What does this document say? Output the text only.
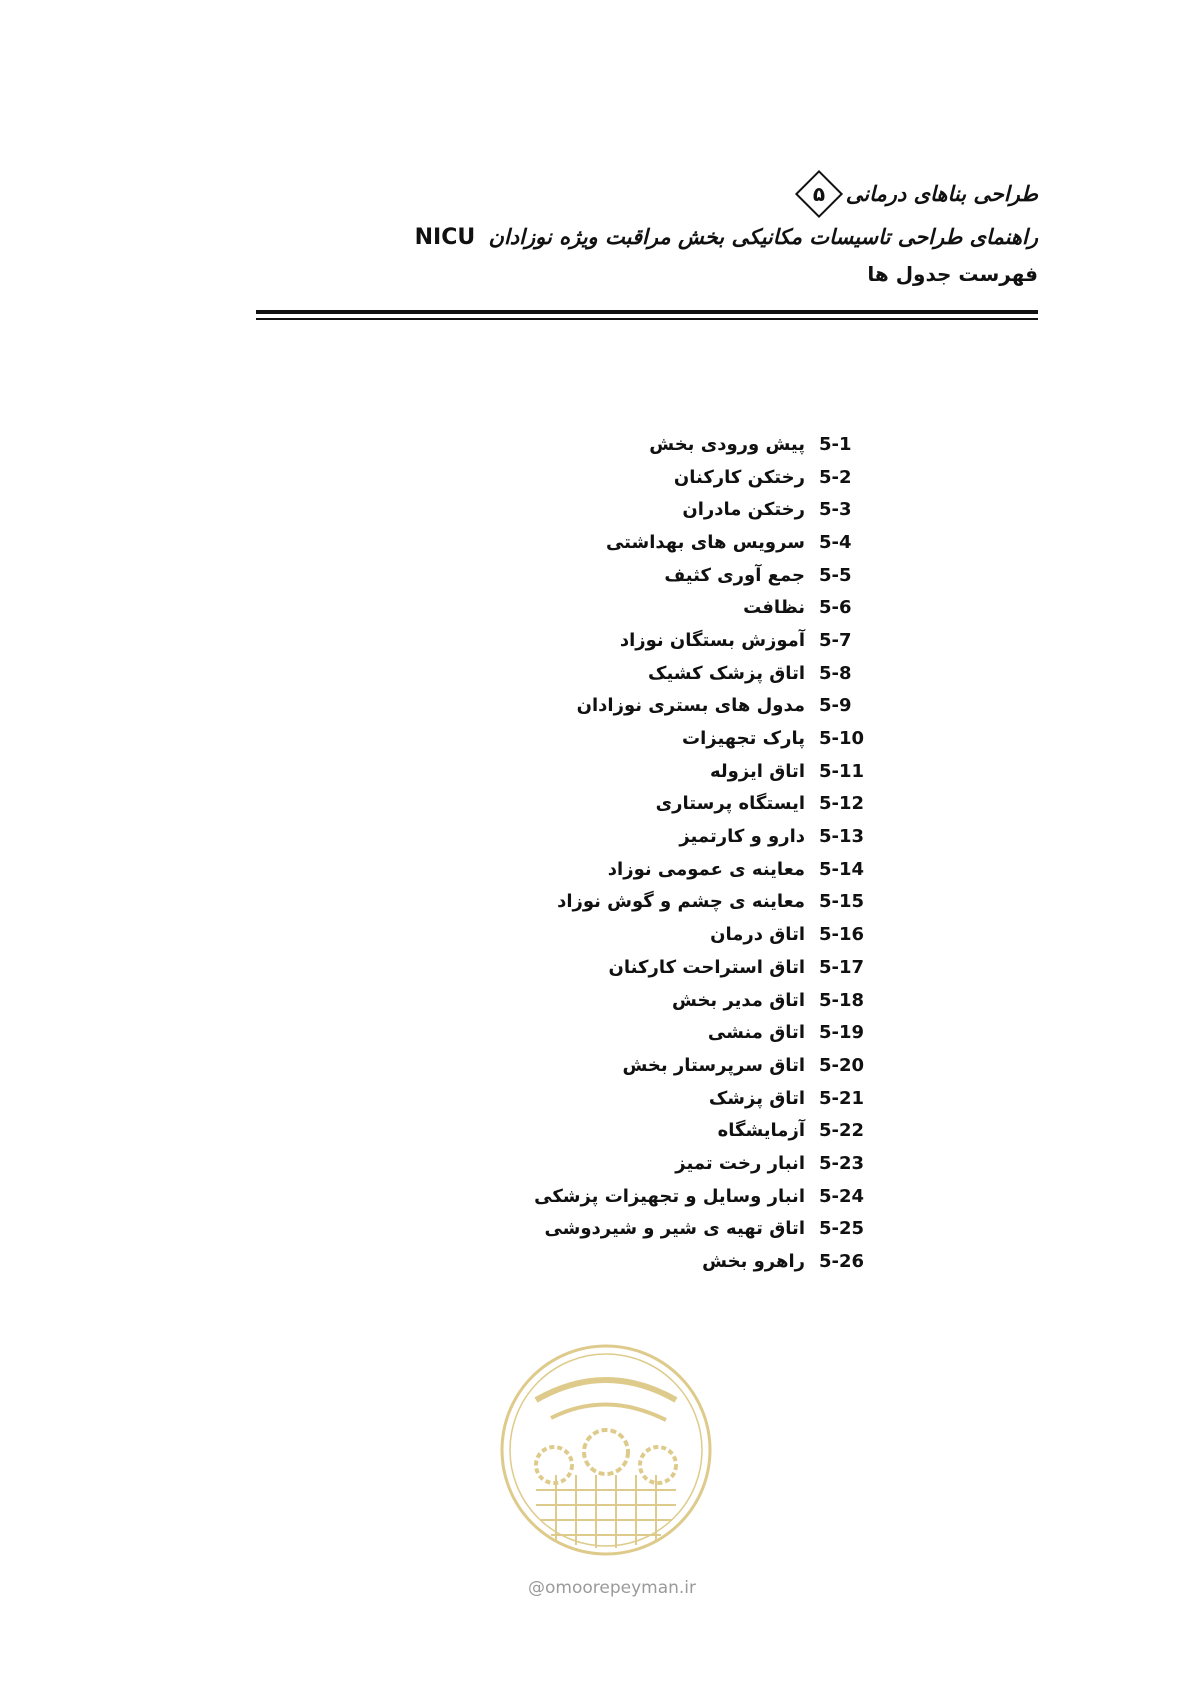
طراحی بناهای درمانی
۵
راهنمای طراحی تاسیسات مکانیکی بخش مراقبت ویژه نوزادان NICU
فهرست جدول ها
5-1
پیش ورودی بخش
5-2
رختکن کارکنان
5-3
رختکن مادران
5-4
سرویس های بهداشتی
5-5
جمع آوری کثیف
5-6
نظافت
5-7
آموزش بستگان نوزاد
5-8
اتاق پزشک کشیک
5-9
مدول های بستری نوزادان
5-10
پارک تجهیزات
5-11
اتاق ایزوله
5-12
ایستگاه پرستاری
5-13
دارو و کارتمیز
5-14
معاینه ی عمومی نوزاد
5-15
معاینه ی چشم و گوش نوزاد
5-16
اتاق درمان
5-17
اتاق استراحت کارکنان
5-18
اتاق مدیر بخش
5-19
اتاق منشی
5-20
اتاق سرپرستار بخش
5-21
اتاق پزشک
5-22
آزمایشگاه
5-23
انبار رخت تمیز
5-24
انبار وسایل و تجهیزات پزشکی
5-25
اتاق تهیه ی شیر و شیردوشی
5-26
راهرو بخش
@omoorepeyman.ir
